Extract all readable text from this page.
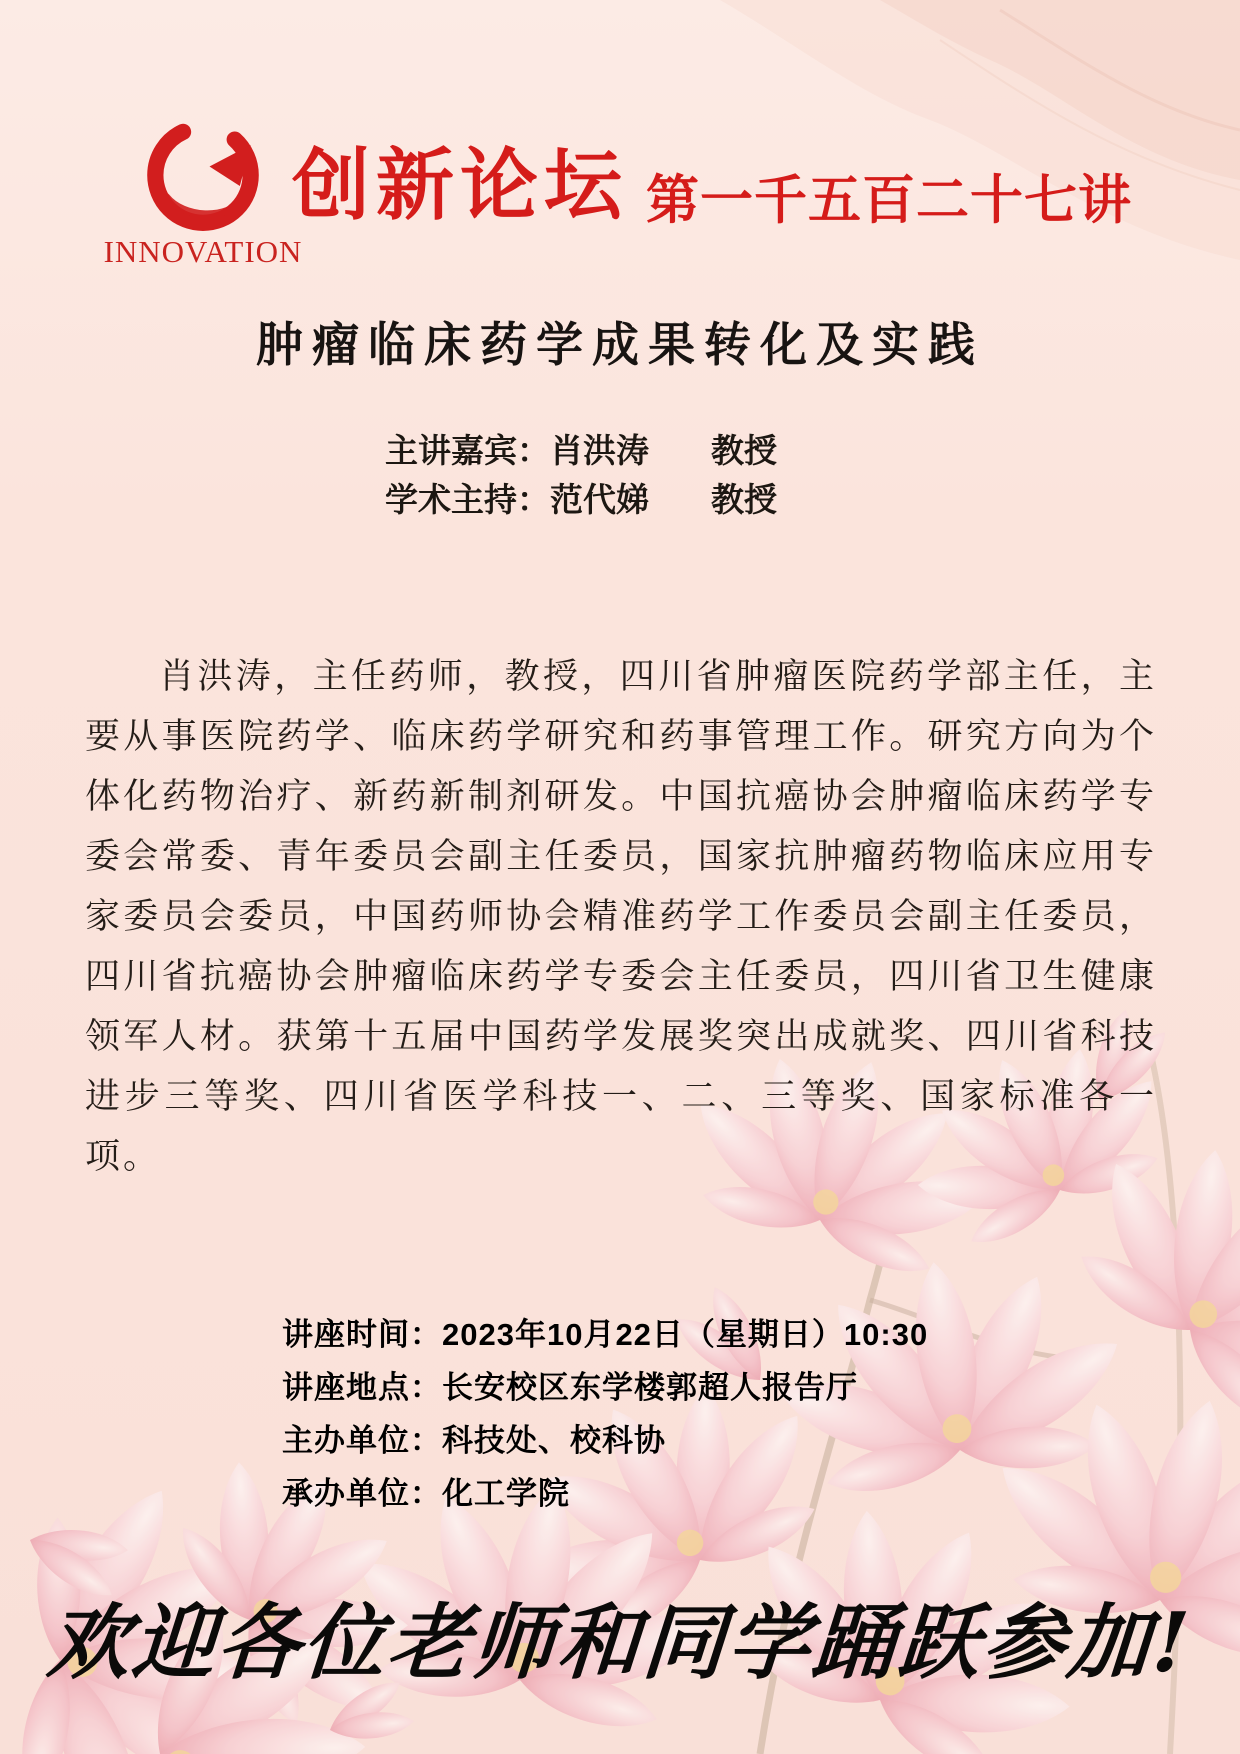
INNOVATION
创新论坛 第一千五百二十七讲
肿瘤临床药学成果转化及实践
主讲嘉宾：肖洪涛 教授
学术主持：范代娣 教授

肖洪涛，主任药师，教授，四川省肿瘤医院药学部主任，主要从事医院药学、临床药学研究和药事管理工作。研究方向为个体化药物治疗、新药新制剂研发。中国抗癌协会肿瘤临床药学专委会常委、青年委员会副主任委员，国家抗肿瘤药物临床应用专家委员会委员，中国药师协会精准药学工作委员会副主任委员，四川省抗癌协会肿瘤临床药学专委会主任委员，四川省卫生健康领军人材。获第十五届中国药学发展奖突出成就奖、四川省科技进步三等奖、四川省医学科技一、二、三等奖、国家标准各一项。

讲座时间：2023年10月22日（星期日）10:30
讲座地点：长安校区东学楼郭超人报告厅
主办单位：科技处、校科协
承办单位：化工学院
欢迎各位老师和同学踊跃参加!
